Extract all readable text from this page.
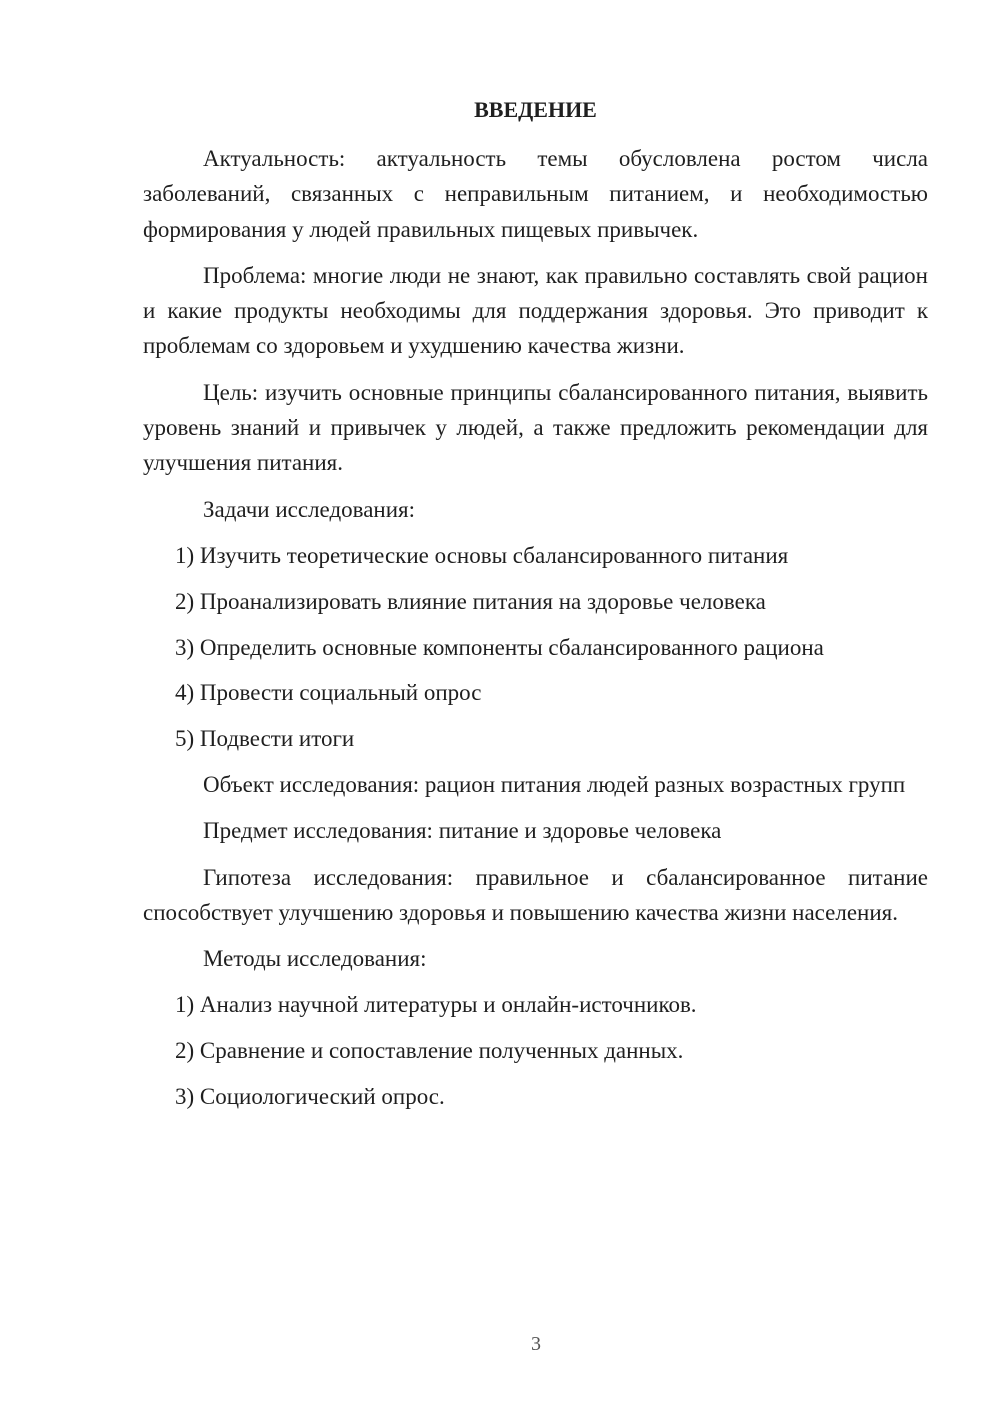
ВВЕДЕНИЕ
Актуальность: актуальность темы обусловлена ростом числа заболеваний, связанных с неправильным питанием, и необходимостью формирования у людей правильных пищевых привычек.
Проблема: многие люди не знают, как правильно составлять свой рацион и какие продукты необходимы для поддержания здоровья. Это приводит к проблемам со здоровьем и ухудшению качества жизни.
Цель: изучить основные принципы сбалансированного питания, выявить уровень знаний и привычек у людей, а также предложить рекомендации для улучшения питания.
Задачи исследования:
1) Изучить теоретические основы сбалансированного питания
2) Проанализировать влияние питания на здоровье человека
3) Определить основные компоненты сбалансированного рациона
4) Провести социальный опрос
5) Подвести итоги
Объект исследования: рацион питания людей разных возрастных групп
Предмет исследования: питание и здоровье человека
Гипотеза исследования: правильное и сбалансированное питание способствует улучшению здоровья и повышению качества жизни населения.
Методы исследования:
1) Анализ научной литературы и онлайн-источников.
2) Сравнение и сопоставление полученных данных.
3) Социологический опрос.
3
